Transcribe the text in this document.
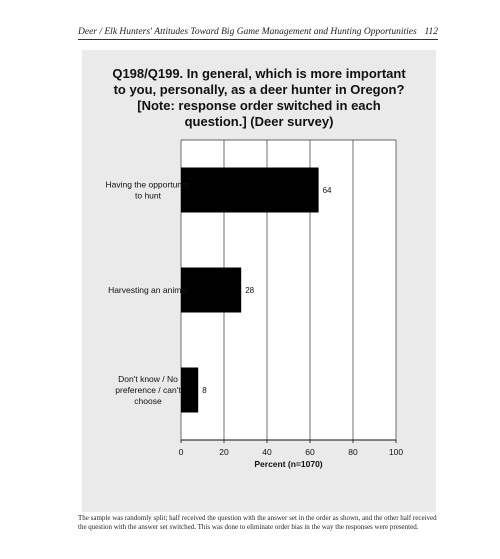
Deer / Elk Hunters' Attitudes Toward Big Game Management and Hunting Opportunities 112
Q198/Q199. In general, which is more important
to you, personally, as a deer hunter in Oregon?
[Note: response order switched in each
question.] (Deer survey)
64
Having the opportunity
to hunt
28
Harvesting an animal
8
Don't know / No
preference / can't
choose
0	20	40	60	80	100
Percent (n=1070)
The sample was randomly split; half received the question with the answer set in the order as shown, and the other half received the question with the answer set switched. This was done to eliminate order bias in the way the responses were presented.
